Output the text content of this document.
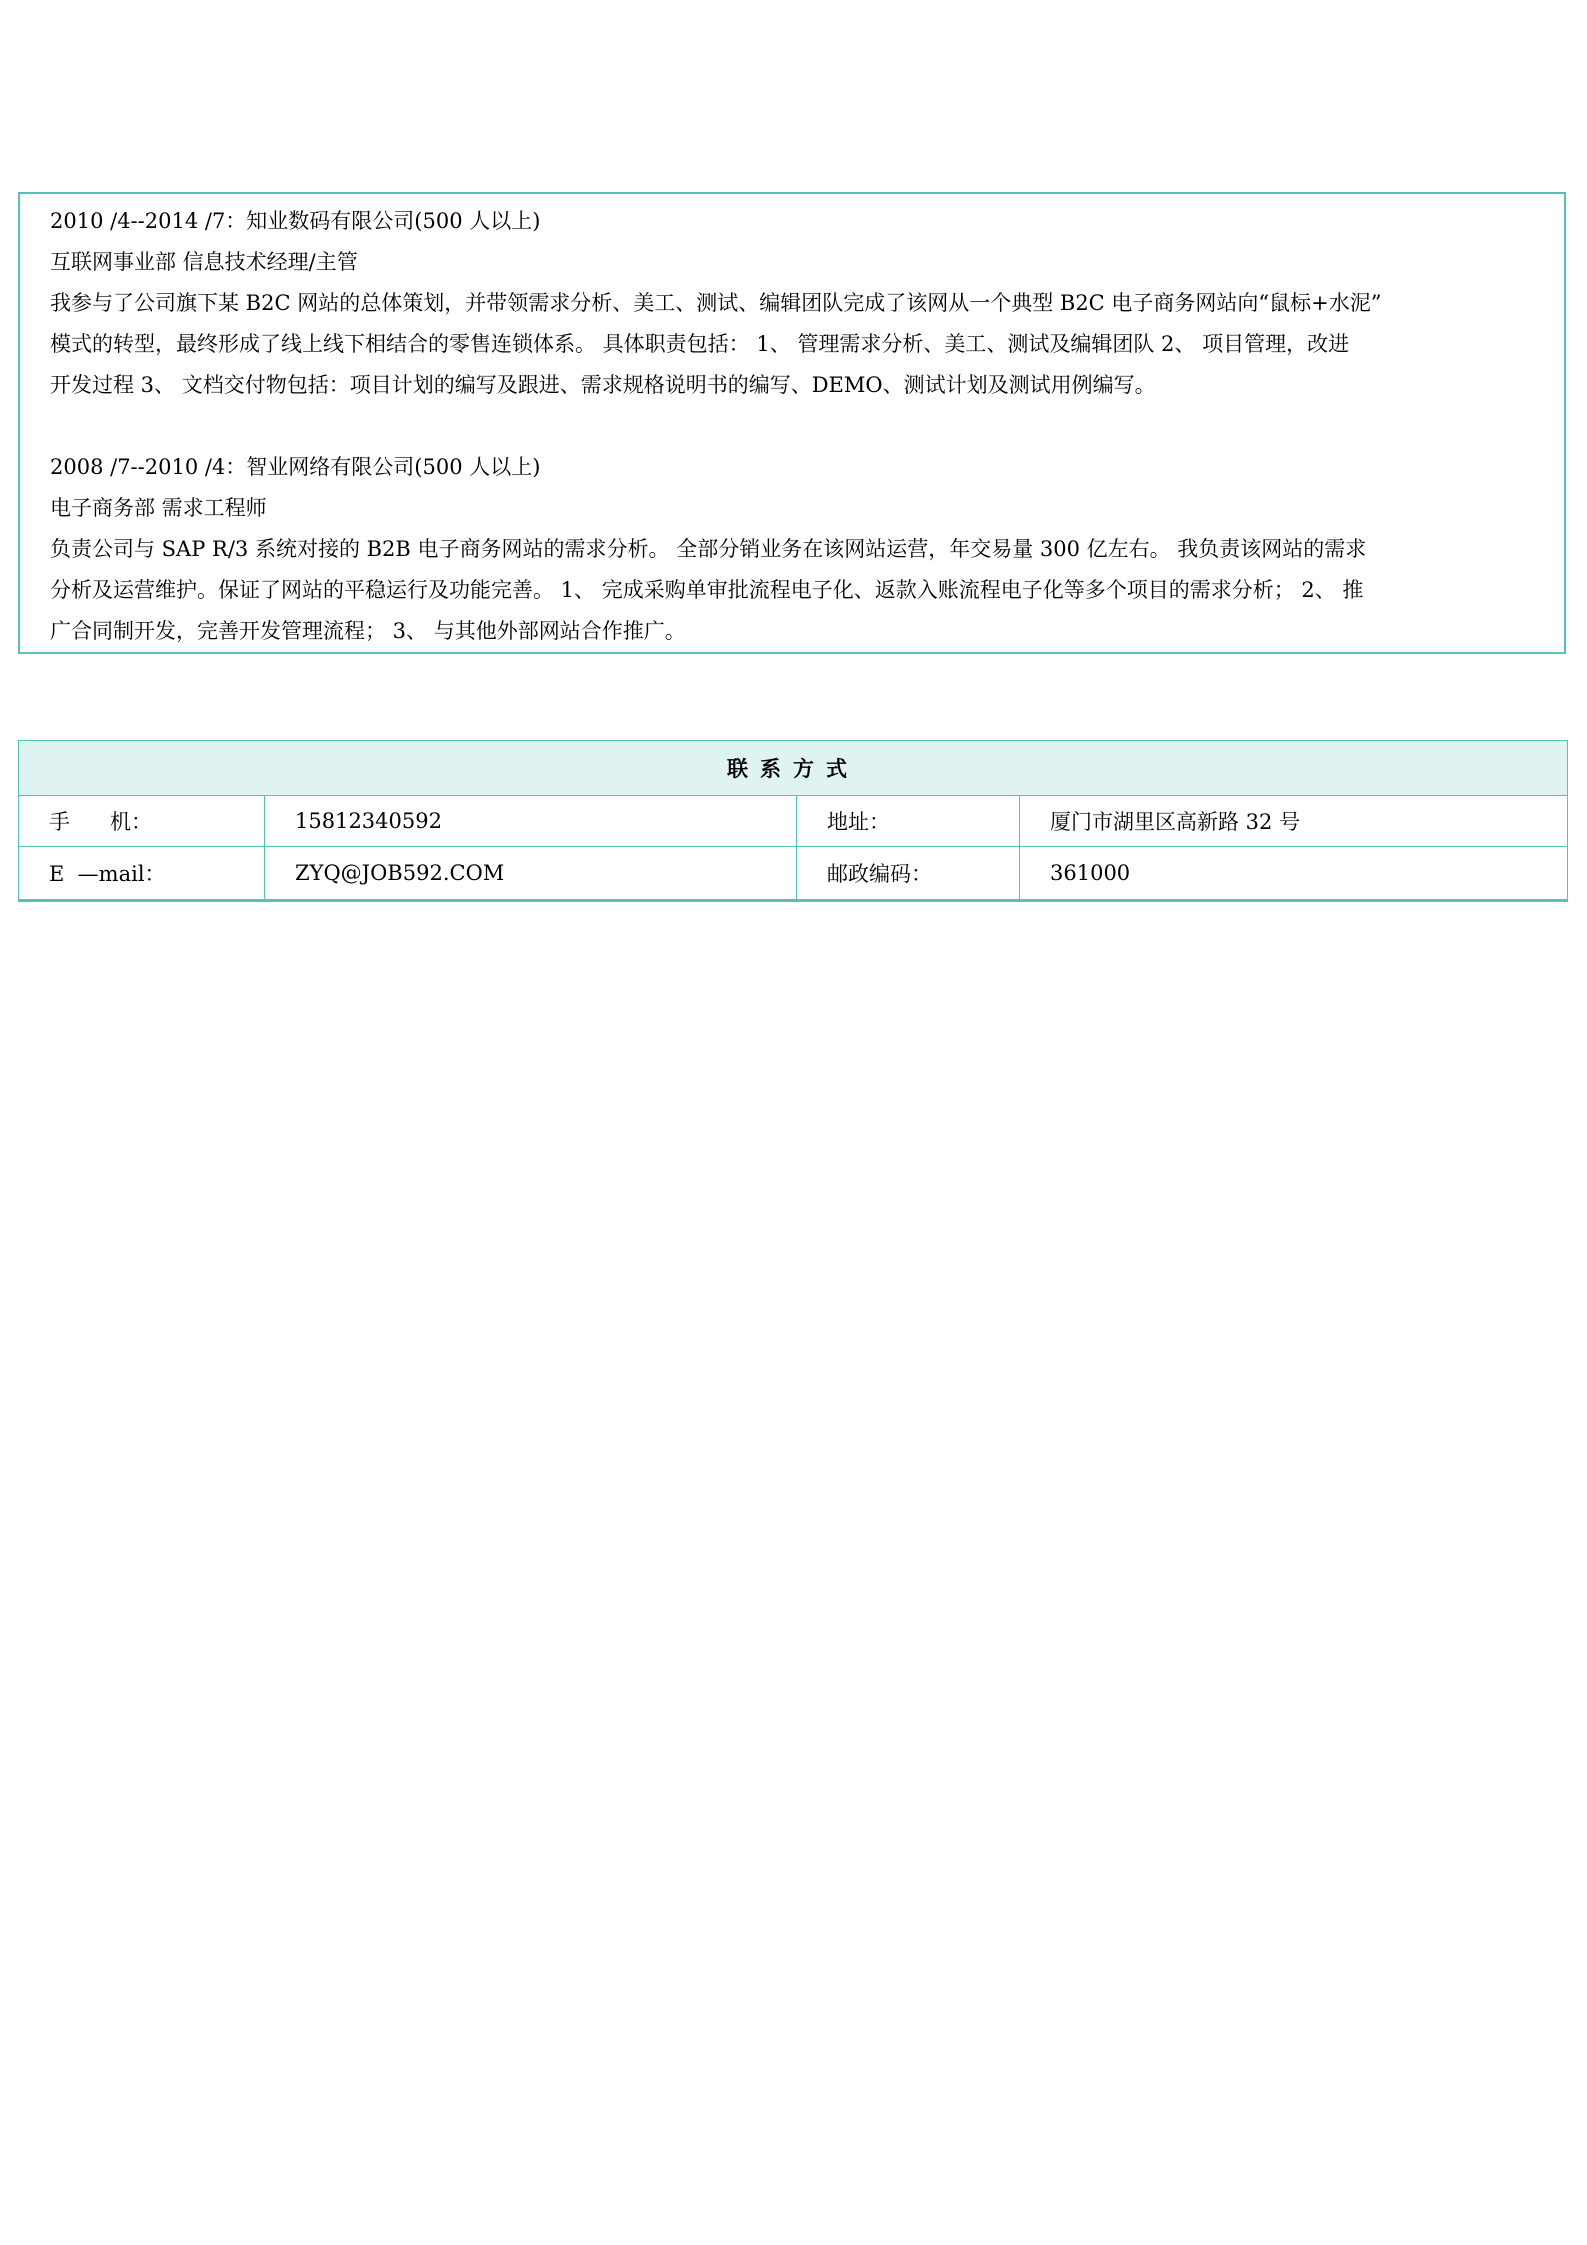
2010 /4--2014 /7：知业数码有限公司(500 人以上)

互联网事业部 信息技术经理/主管

我参与了公司旗下某 B2C 网站的总体策划，并带领需求分析、美工、测试、编辑团队完成了该网从一个典型 B2C 电子商务网站向“鼠标+水泥”

模式的转型，最终形成了线上线下相结合的零售连锁体系。 具体职责包括： 1、 管理需求分析、美工、测试及编辑团队 2、 项目管理，改进

开发过程 3、 文档交付物包括：项目计划的编写及跟进、需求规格说明书的编写、DEMO、测试计划及测试用例编写。

2008 /7--2010 /4：智业网络有限公司(500 人以上)

电子商务部 需求工程师

负责公司与 SAP R/3 系统对接的 B2B 电子商务网站的需求分析。 全部分销业务在该网站运营，年交易量 300 亿左右。 我负责该网站的需求

分析及运营维护。保证了网站的平稳运行及功能完善。 1、 完成采购单审批流程电子化、返款入账流程电子化等多个项目的需求分析； 2、 推

广合同制开发，完善开发管理流程； 3、 与其他外部网站合作推广。

联系方式			
手      机：	15812340592	地址：	厦门市湖里区高新路 32 号
E  —mail：	ZYQ@JOB592.COM	邮政编码：	361000
